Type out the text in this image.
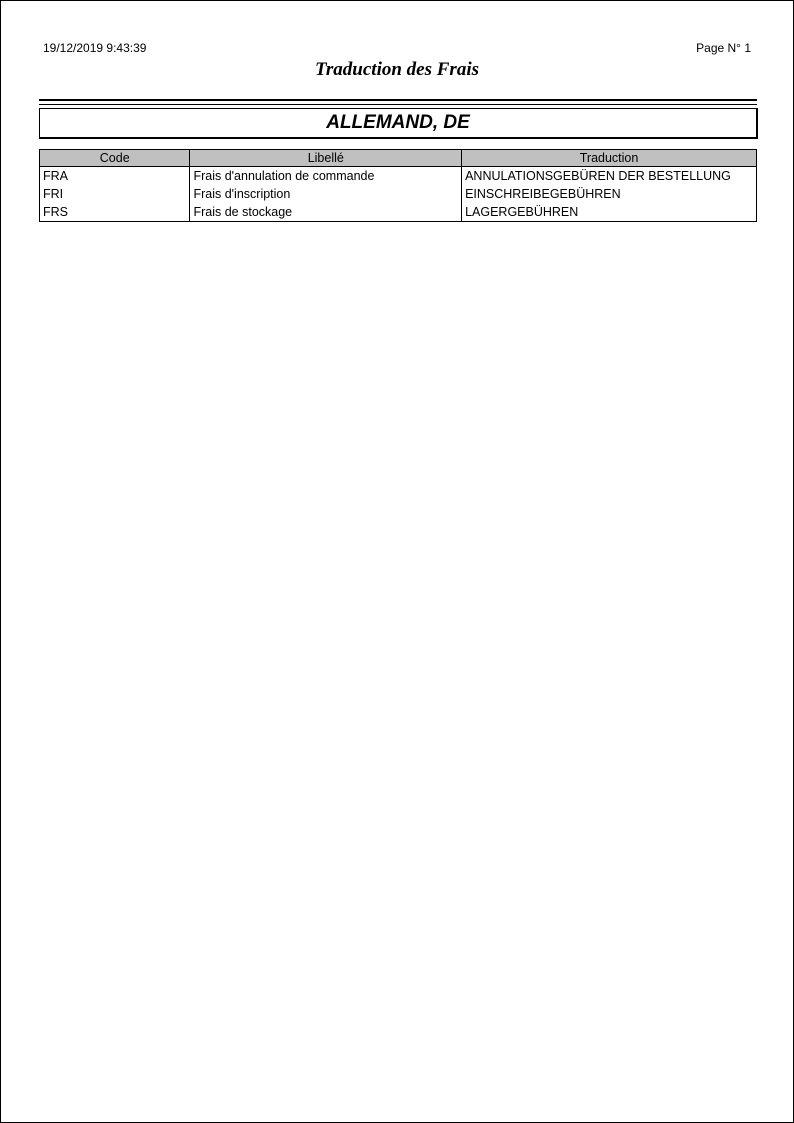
19/12/2019 9:43:39	Page N° 1
Traduction des Frais
ALLEMAND, DE
Code	Libellé	Traduction
FRA	Frais d'annulation de commande	ANNULATIONSGEBÜREN DER BESTELLUNG
FRI	Frais d'inscription	EINSCHREIBEGEBÜHREN
FRS	Frais de stockage	LAGERGEBÜHREN
